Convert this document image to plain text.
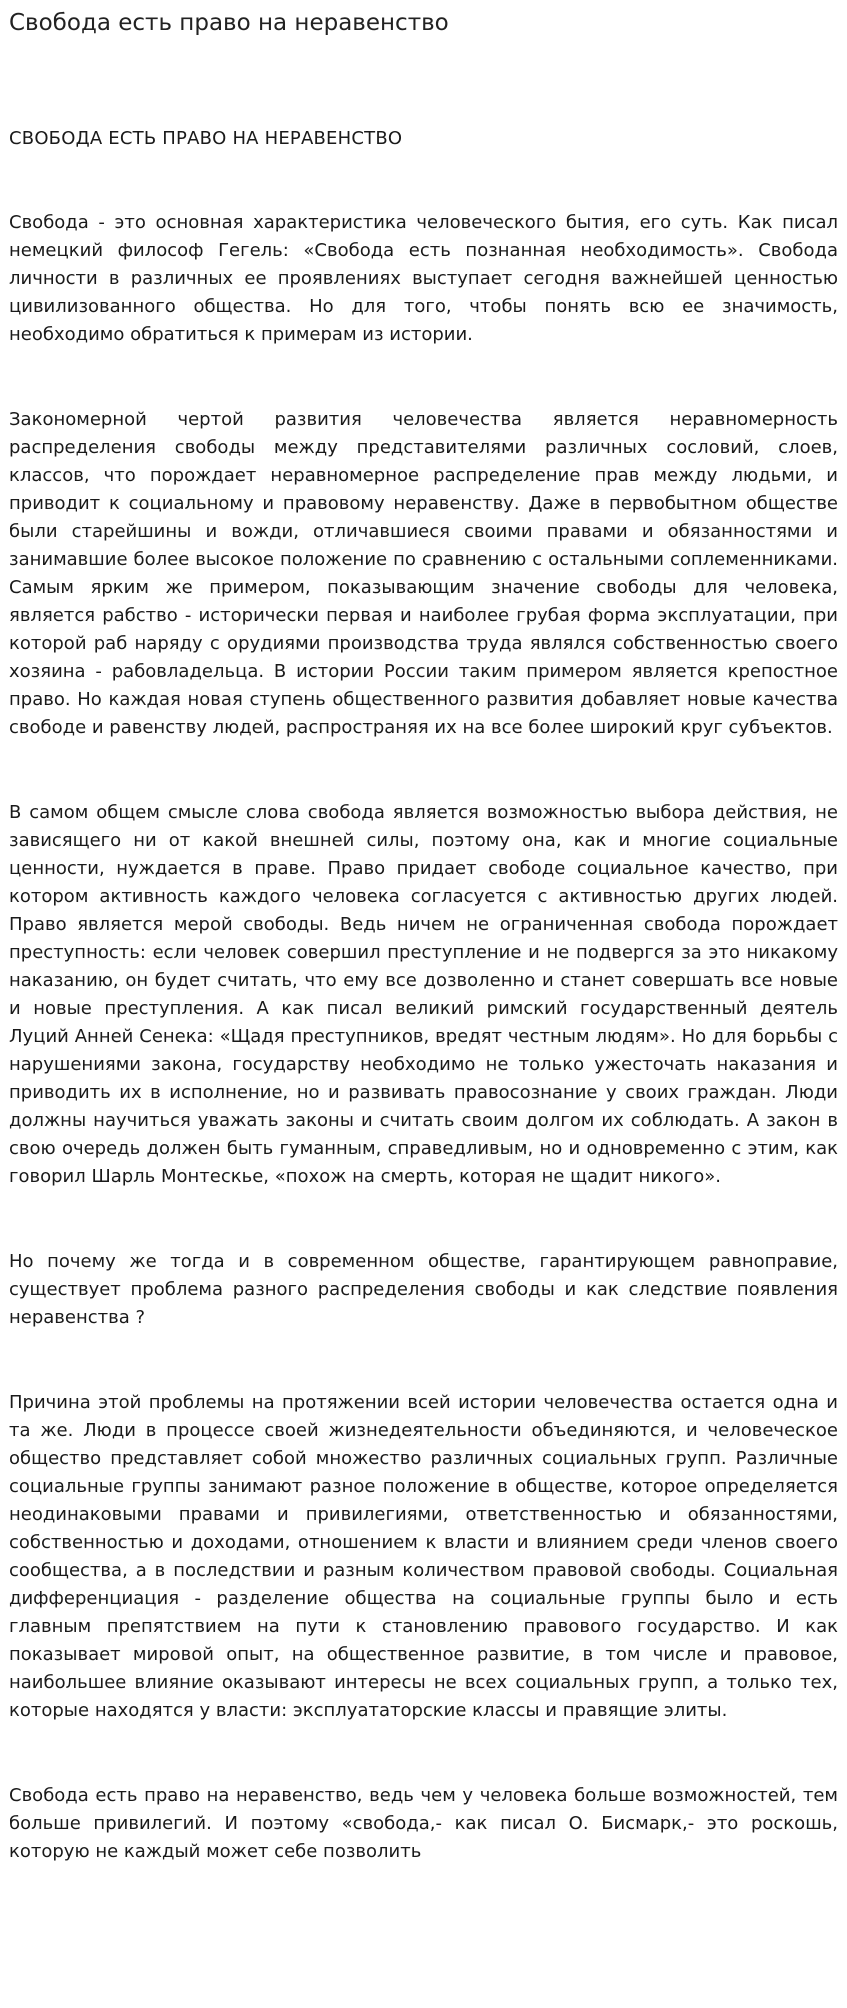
Свобода есть право на неравенство
СВОБОДА ЕСТЬ ПРАВО НА НЕРАВЕНСТВО

Свобода - это основная характеристика человеческого бытия, его суть. Как писал немецкий философ Гегель: «Свобода есть познанная необходимость». Свобода личности в различных ее проявлениях выступает сегодня важнейшей ценностью цивилизованного общества. Но для того, чтобы понять всю ее значимость, необходимо обратиться к примерам из истории.

Закономерной чертой развития человечества является неравномерность распределения свободы между представителями различных сословий, слоев, классов, что порождает неравномерное распределение прав между людьми, и приводит к социальному и правовому неравенству. Даже в первобытном обществе были старейшины и вожди, отличавшиеся своими правами и обязанностями и занимавшие более высокое положение по сравнению с остальными соплеменниками. Самым ярким же примером, показывающим значение свободы для человека, является рабство - исторически первая и наиболее грубая форма эксплуатации, при которой раб наряду с орудиями производства труда являлся собственностью своего хозяина - рабовладельца. В истории России таким примером является крепостное право. Но каждая новая ступень общественного развития добавляет новые качества свободе и равенству людей, распространяя их на все более широкий круг субъектов.

В самом общем смысле слова свобода является возможностью выбора действия, не зависящего ни от какой внешней силы, поэтому она, как и многие социальные ценности, нуждается в праве. Право придает свободе социальное качество, при котором активность каждого человека согласуется с активностью других людей. Право является мерой свободы. Ведь ничем не ограниченная свобода порождает преступность: если человек совершил преступление и не подвергся за это никакому наказанию, он будет считать, что ему все дозволенно и станет совершать все новые и новые преступления. А как писал великий римский государственный деятель Луций Анней Сенека: «Щадя преступников, вредят честным людям». Но для борьбы с нарушениями закона, государству необходимо не только ужесточать наказания и приводить их в исполнение, но и развивать правосознание у своих граждан. Люди должны научиться уважать законы и считать своим долгом их соблюдать. А закон в свою очередь должен быть гуманным, справедливым, но и одновременно с этим, как говорил Шарль Монтескье, «похож на смерть, которая не щадит никого».

Но почему же тогда и в современном обществе, гарантирующем равноправие, существует проблема разного распределения свободы и как следствие появления неравенства ?

Причина этой проблемы на протяжении всей истории человечества остается одна и та же. Люди в процессе своей жизнедеятельности объединяются, и человеческое общество представляет собой множество различных социальных групп. Различные социальные группы занимают разное положение в обществе, которое определяется неодинаковыми правами и привилегиями, ответственностью и обязанностями, собственностью и доходами, отношением к власти и влиянием среди членов своего сообщества, а в последствии и разным количеством правовой свободы. Социальная дифференциация - разделение общества на социальные группы было и есть главным препятствием на пути к становлению правового государство. И как показывает мировой опыт, на общественное развитие, в том числе и правовое, наибольшее влияние оказывают интересы не всех социальных групп, а только тех, которые находятся у власти: эксплуататорские классы и правящие элиты.

Свобода есть право на неравенство, ведь чем у человека больше возможностей, тем больше привилегий. И поэтому «свобода,- как писал О. Бисмарк,- это роскошь, которую не каждый может себе позволить
